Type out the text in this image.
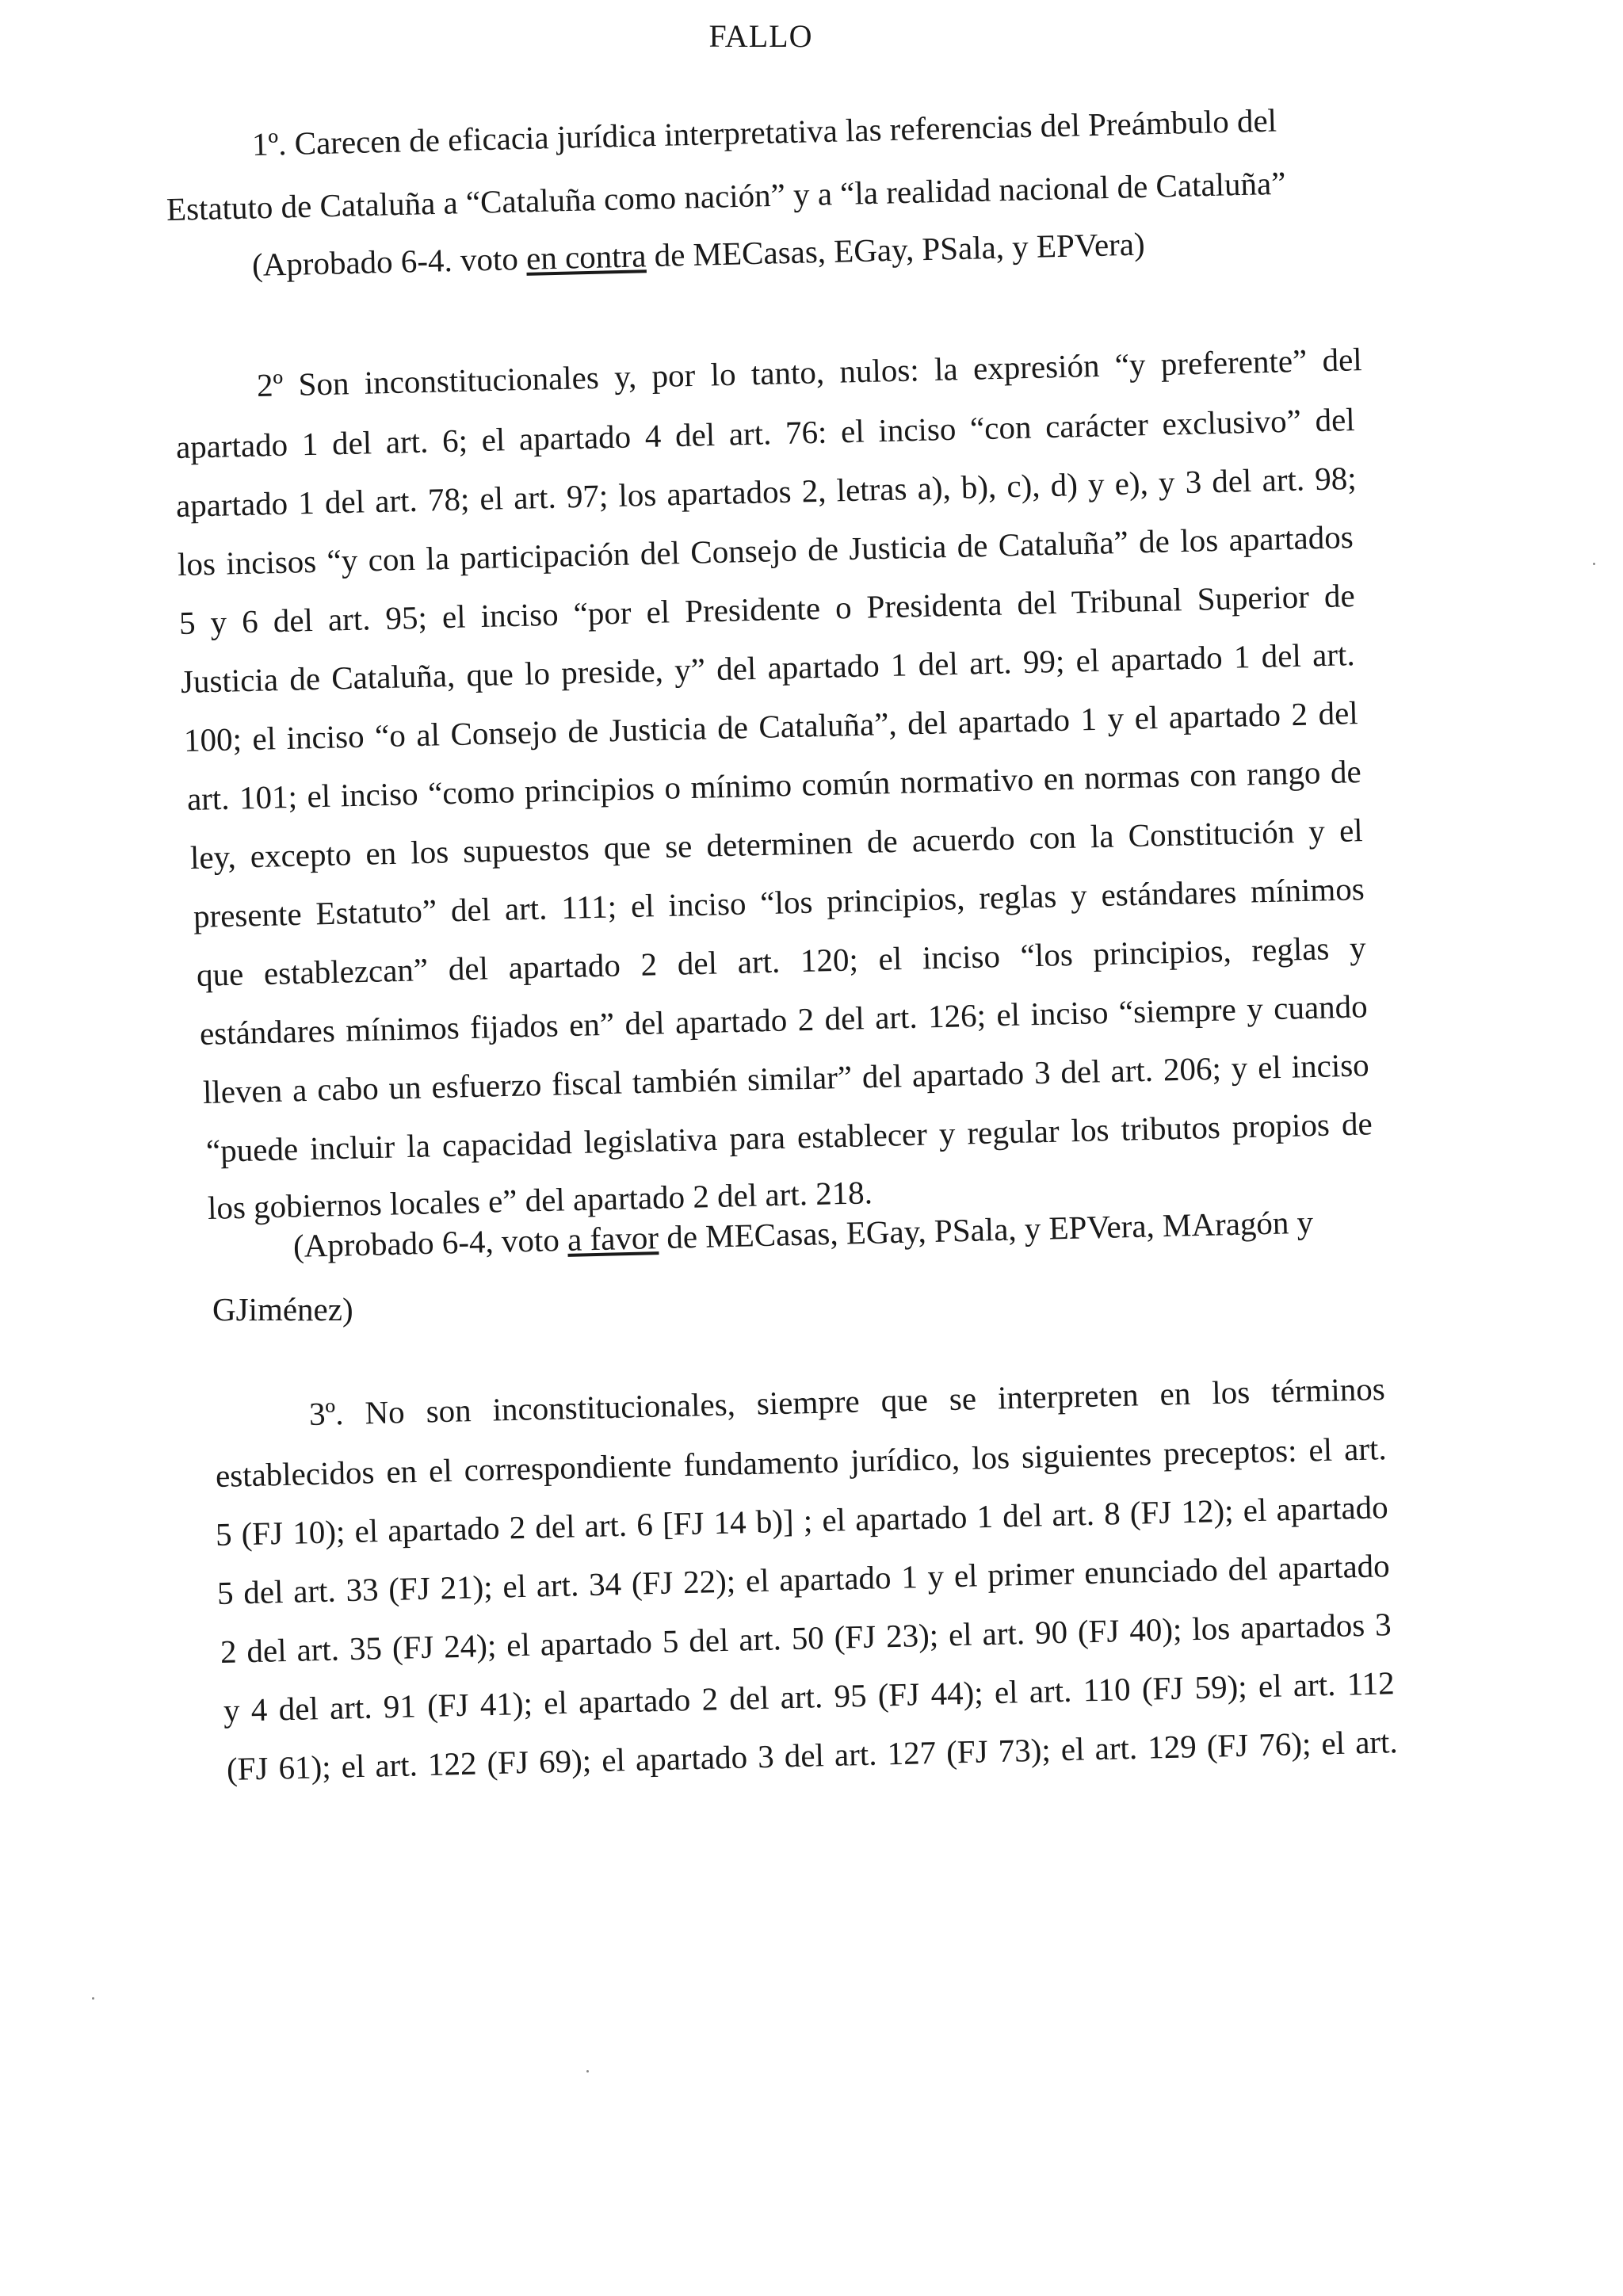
FALLO
1º. Carecen de eficacia jurídica interpretativa las referencias del Preámbulo del
Estatuto de Cataluña a “Cataluña como nación” y a “la realidad nacional de Cataluña”
(Aprobado 6-4. voto en contra de MECasas, EGay, PSala, y EPVera)
2º Son inconstitucionales y, por lo tanto, nulos: la expresión “y preferente” del
apartado 1 del art. 6; el apartado 4 del art. 76: el inciso “con carácter exclusivo” del
apartado 1 del art. 78; el art. 97; los apartados 2, letras a), b), c), d) y e), y 3 del art. 98;
los incisos “y con la participación del Consejo de Justicia de Cataluña” de los apartados
5 y 6 del art. 95; el inciso “por el Presidente o Presidenta del Tribunal Superior de
Justicia de Cataluña, que lo preside, y” del apartado 1 del art. 99; el apartado 1 del art.
100; el inciso “o al Consejo de Justicia de Cataluña”, del apartado 1 y el apartado 2 del
art. 101; el inciso “como principios o mínimo común normativo en normas con rango de
ley, excepto en los supuestos que se determinen de acuerdo con la Constitución y el
presente Estatuto” del art. 111; el inciso “los principios, reglas y estándares mínimos
que establezcan” del apartado 2 del art. 120; el inciso “los principios, reglas y
estándares mínimos fijados en” del apartado 2 del art. 126; el inciso “siempre y cuando
lleven a cabo un esfuerzo fiscal también similar” del apartado 3 del art. 206; y el inciso
“puede incluir la capacidad legislativa para establecer y regular los tributos propios de
los gobiernos locales e” del apartado 2 del art. 218.
(Aprobado 6-4, voto a favor de MECasas, EGay, PSala, y EPVera, MAragón y
GJiménez)
3º. No son inconstitucionales, siempre que se interpreten en los términos
establecidos en el correspondiente fundamento jurídico, los siguientes preceptos: el art.
5 (FJ 10); el apartado 2 del art. 6 [FJ 14 b)] ; el apartado 1 del art. 8 (FJ 12); el apartado
5 del art. 33 (FJ 21); el art. 34 (FJ 22); el apartado 1 y el primer enunciado del apartado
2 del art. 35 (FJ 24); el apartado 5 del art. 50 (FJ 23); el art. 90 (FJ 40); los apartados 3
y 4 del art. 91 (FJ 41); el apartado 2 del art. 95 (FJ 44); el art. 110 (FJ 59); el art. 112
(FJ 61); el art. 122 (FJ 69); el apartado 3 del art. 127 (FJ 73); el art. 129 (FJ 76); el art.
